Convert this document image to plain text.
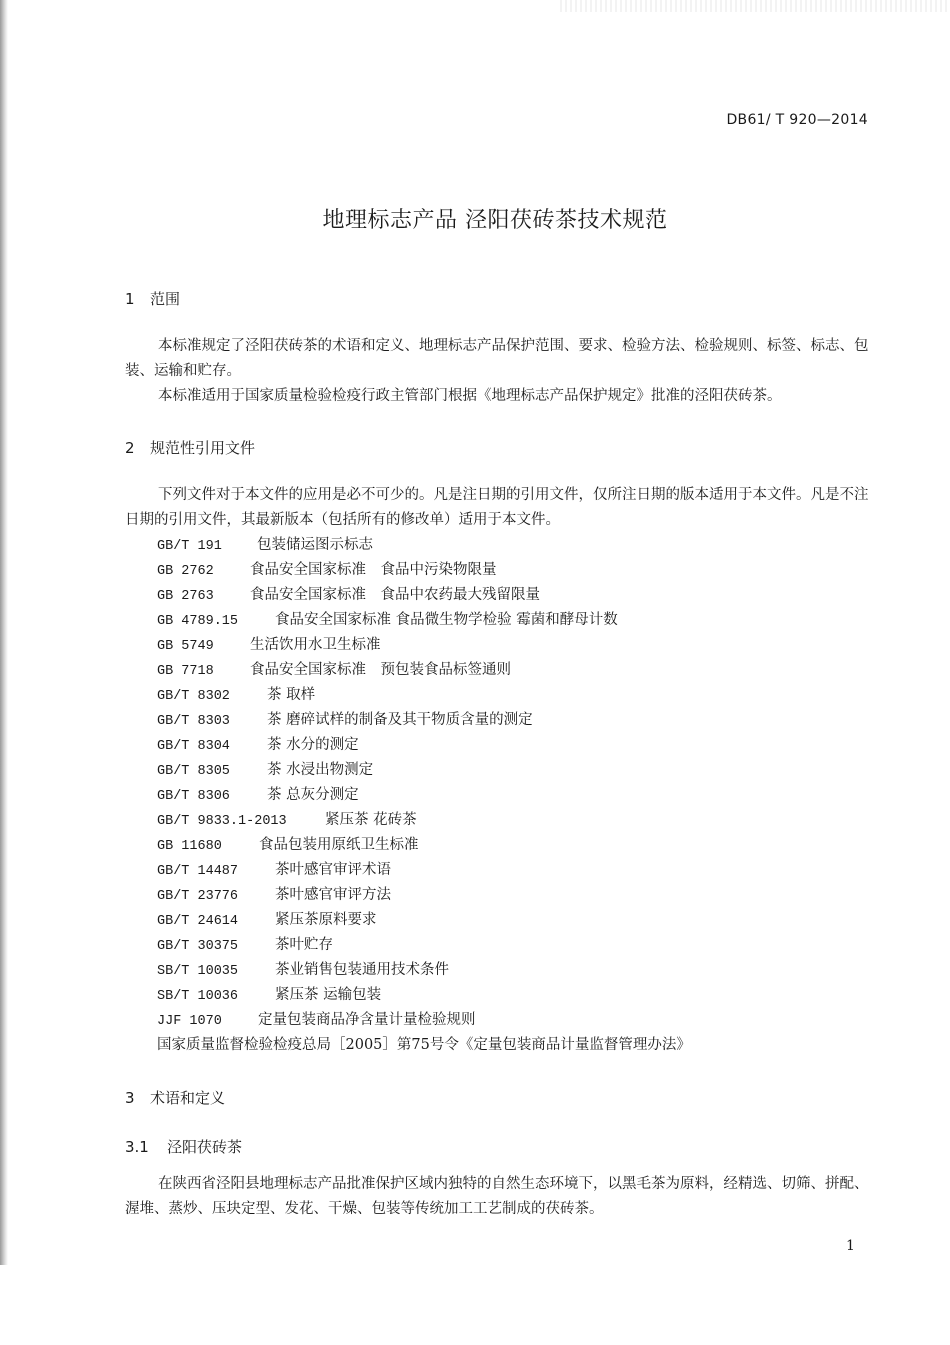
DB61/ T 920—2014
地理标志产品 泾阳茯砖茶技术规范
1 范围

本标准规定了泾阳茯砖茶的术语和定义、地理标志产品保护范围、要求、检验方法、检验规则、标签、标志、包装、运输和贮存。

本标准适用于国家质量检验检疫行政主管部门根据《地理标志产品保护规定》批准的泾阳茯砖茶。

2 规范性引用文件

下列文件对于本文件的应用是必不可少的。凡是注日期的引用文件，仅所注日期的版本适用于本文件。凡是不注日期的引用文件，其最新版本（包括所有的修改单）适用于本文件。

GB/T 191 包装储运图示标志
GB 2762	食品安全国家标准　食品中污染物限量
GB 2763	食品安全国家标准　食品中农药最大残留限量
GB 4789.15	食品安全国家标准 食品微生物学检验 霉菌和酵母计数
GB 5749	生活饮用水卫生标准
GB 7718	食品安全国家标准　预包装食品标签通则
GB/T 8302	茶 取样
GB/T 8303	茶 磨碎试样的制备及其干物质含量的测定
GB/T 8304	茶 水分的测定
GB/T 8305	茶 水浸出物测定
GB/T 8306	茶 总灰分测定
GB/T 9833.1-2013	紧压茶 花砖茶
GB 11680	食品包装用原纸卫生标准
GB/T 14487	茶叶感官审评术语
GB/T 23776	茶叶感官审评方法
GB/T 24614	紧压茶原料要求
GB/T 30375	茶叶贮存
SB/T 10035	茶业销售包装通用技术条件
SB/T 10036	紧压茶 运输包装
JJF 1070 定量包装商品净含量计量检验规则
国家质量监督检验检疫总局［2005］第75号令《定量包装商品计量监督管理办法》
3 术语和定义
3.1 泾阳茯砖茶

在陕西省泾阳县地理标志产品批准保护区域内独特的自然生态环境下，以黑毛茶为原料，经精选、切筛、拼配、渥堆、蒸炒、压块定型、发花、干燥、包装等传统加工工艺制成的茯砖茶。

1
